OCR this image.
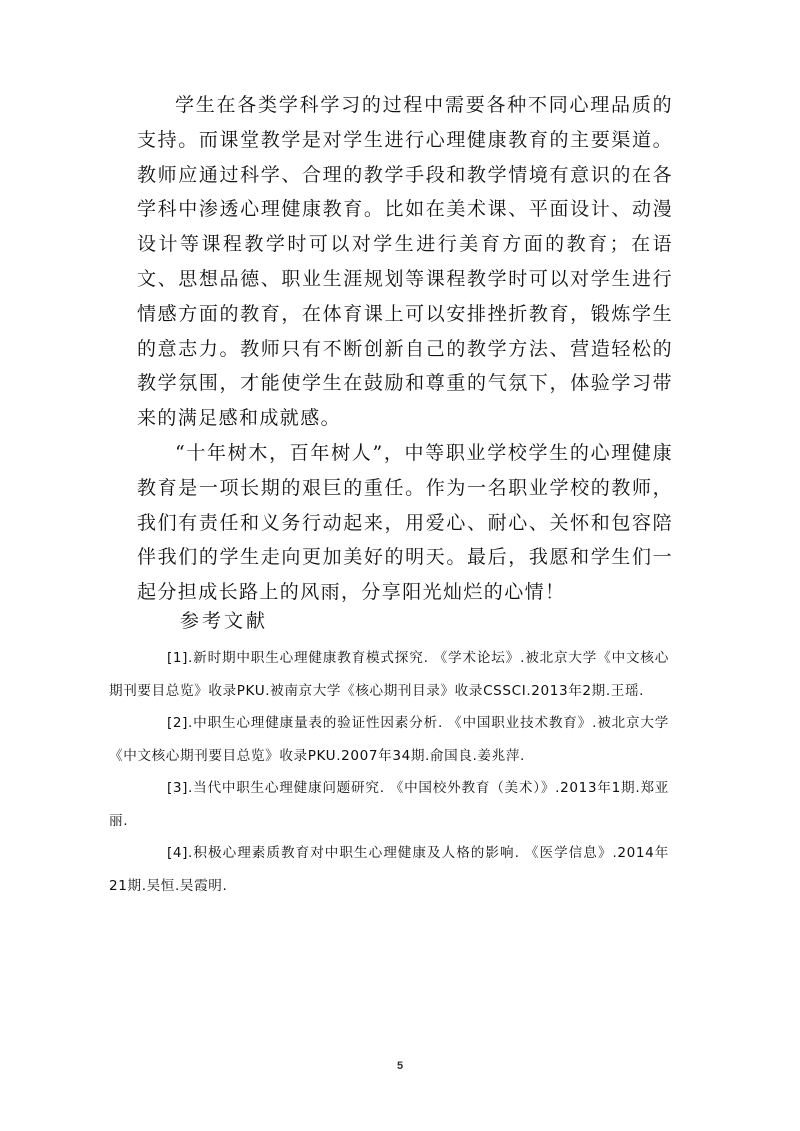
学生在各类学科学习的过程中需要各种不同心理品质的支持。而课堂教学是对学生进行心理健康教育的主要渠道。教师应通过科学、合理的教学手段和教学情境有意识的在各学科中渗透心理健康教育。比如在美术课、平面设计、动漫设计等课程教学时可以对学生进行美育方面的教育；在语文、思想品德、职业生涯规划等课程教学时可以对学生进行情感方面的教育，在体育课上可以安排挫折教育，锻炼学生的意志力。教师只有不断创新自己的教学方法、营造轻松的教学氛围，才能使学生在鼓励和尊重的气氛下，体验学习带来的满足感和成就感。

“十年树木，百年树人”，中等职业学校学生的心理健康教育是一项长期的艰巨的重任。作为一名职业学校的教师，我们有责任和义务行动起来，用爱心、耐心、关怀和包容陪伴我们的学生走向更加美好的明天。最后，我愿和学生们一起分担成长路上的风雨，分享阳光灿烂的心情！

参考文献

[1].新时期中职生心理健康教育模式探究. 《学术论坛》.被北京大学《中文核心期刊要目总览》收录PKU.被南京大学《核心期刊目录》收录CSSCI.2013年2期.王瑶.

[2].中职生心理健康量表的验证性因素分析. 《中国职业技术教育》.被北京大学《中文核心期刊要目总览》收录PKU.2007年34期.俞国良.姜兆萍.

[3].当代中职生心理健康问题研究. 《中国校外教育（美术）》.2013年1期.郑亚丽.

[4].积极心理素质教育对中职生心理健康及人格的影响. 《医学信息》.2014年21期.吴恒.吴霞明.

5
